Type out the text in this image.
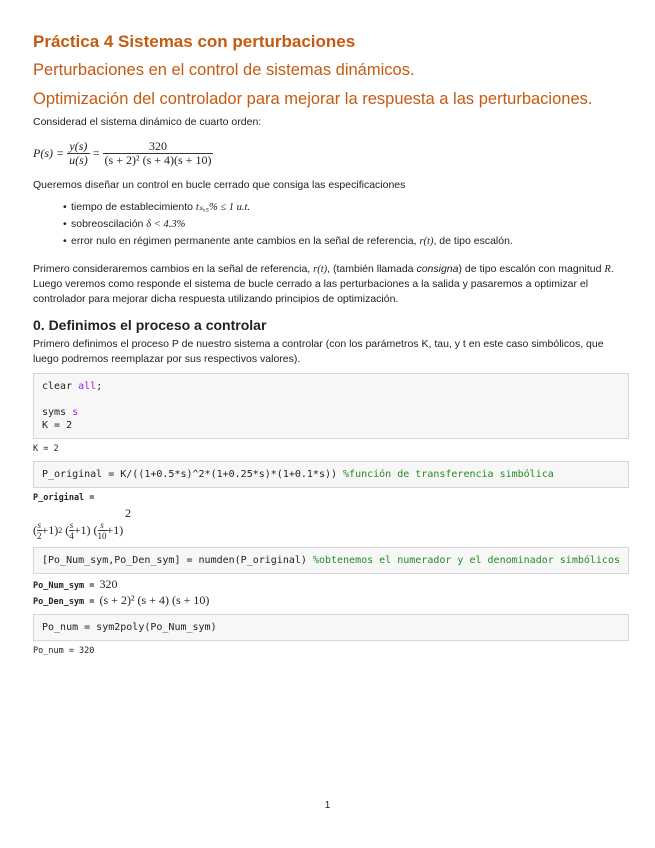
Práctica 4 Sistemas con perturbaciones
Perturbaciones en el control de sistemas dinámicos.
Optimización del controlador para mejorar la respuesta a las perturbaciones.

Considerad el sistema dinámico de cuarto orden:

$P(s) = \frac{y(s)}{u(s)} = \frac{320}{\text{(s + 2)² (s + 4)(s + 10)}}$

Queremos diseñar un control en bucle cerrado que consiga las especificaciones

• tiempo de establecimiento tₛ,₅% ≤ 1 u.t.
• sobreoscilación δ < 4.3%
• error nulo en régimen permanente ante cambios en la señal de referencia, r(t), de tipo escalón.

Primero consideraremos cambios en la señal de referencia, r(t), (también llamada consigna) de tipo escalón con magnitud R. Luego veremos como responde el sistema de bucle cerrado a las perturbaciones a la salida y pasaremos a optimizar el controlador para mejorar dicha respuesta utilizando principios de optimización.

0. Definimos el proceso a controlar

Primero definimos el proceso P de nuestro sistema a controlar (con los parámetros K, tau, y t en este caso simbólicos, que luego podremos reemplazar por sus respectivos valores).

clear all;

syms s
K = 2
K = 2
P_original = K/((1+0.5*s)^2*(1+0.25*s)*(1+0.1*s)) %función de transferencia simbólica
P_original =
2
( $\frac{s}{2} +1$) 2
( $\frac{s}{4} +1$)
( $\frac{s}{10} +1$)
[Po_Num_sym,Po_Den_sym] = numden(P_original) %obtenemos el numerador y el denominador simbólicos
Po_Num_sym = 320
Po_Den_sym = (s + 2)² (s + 4) (s + 10)
Po_num = sym2poly(Po_Num_sym)
Po_num = 320
1
